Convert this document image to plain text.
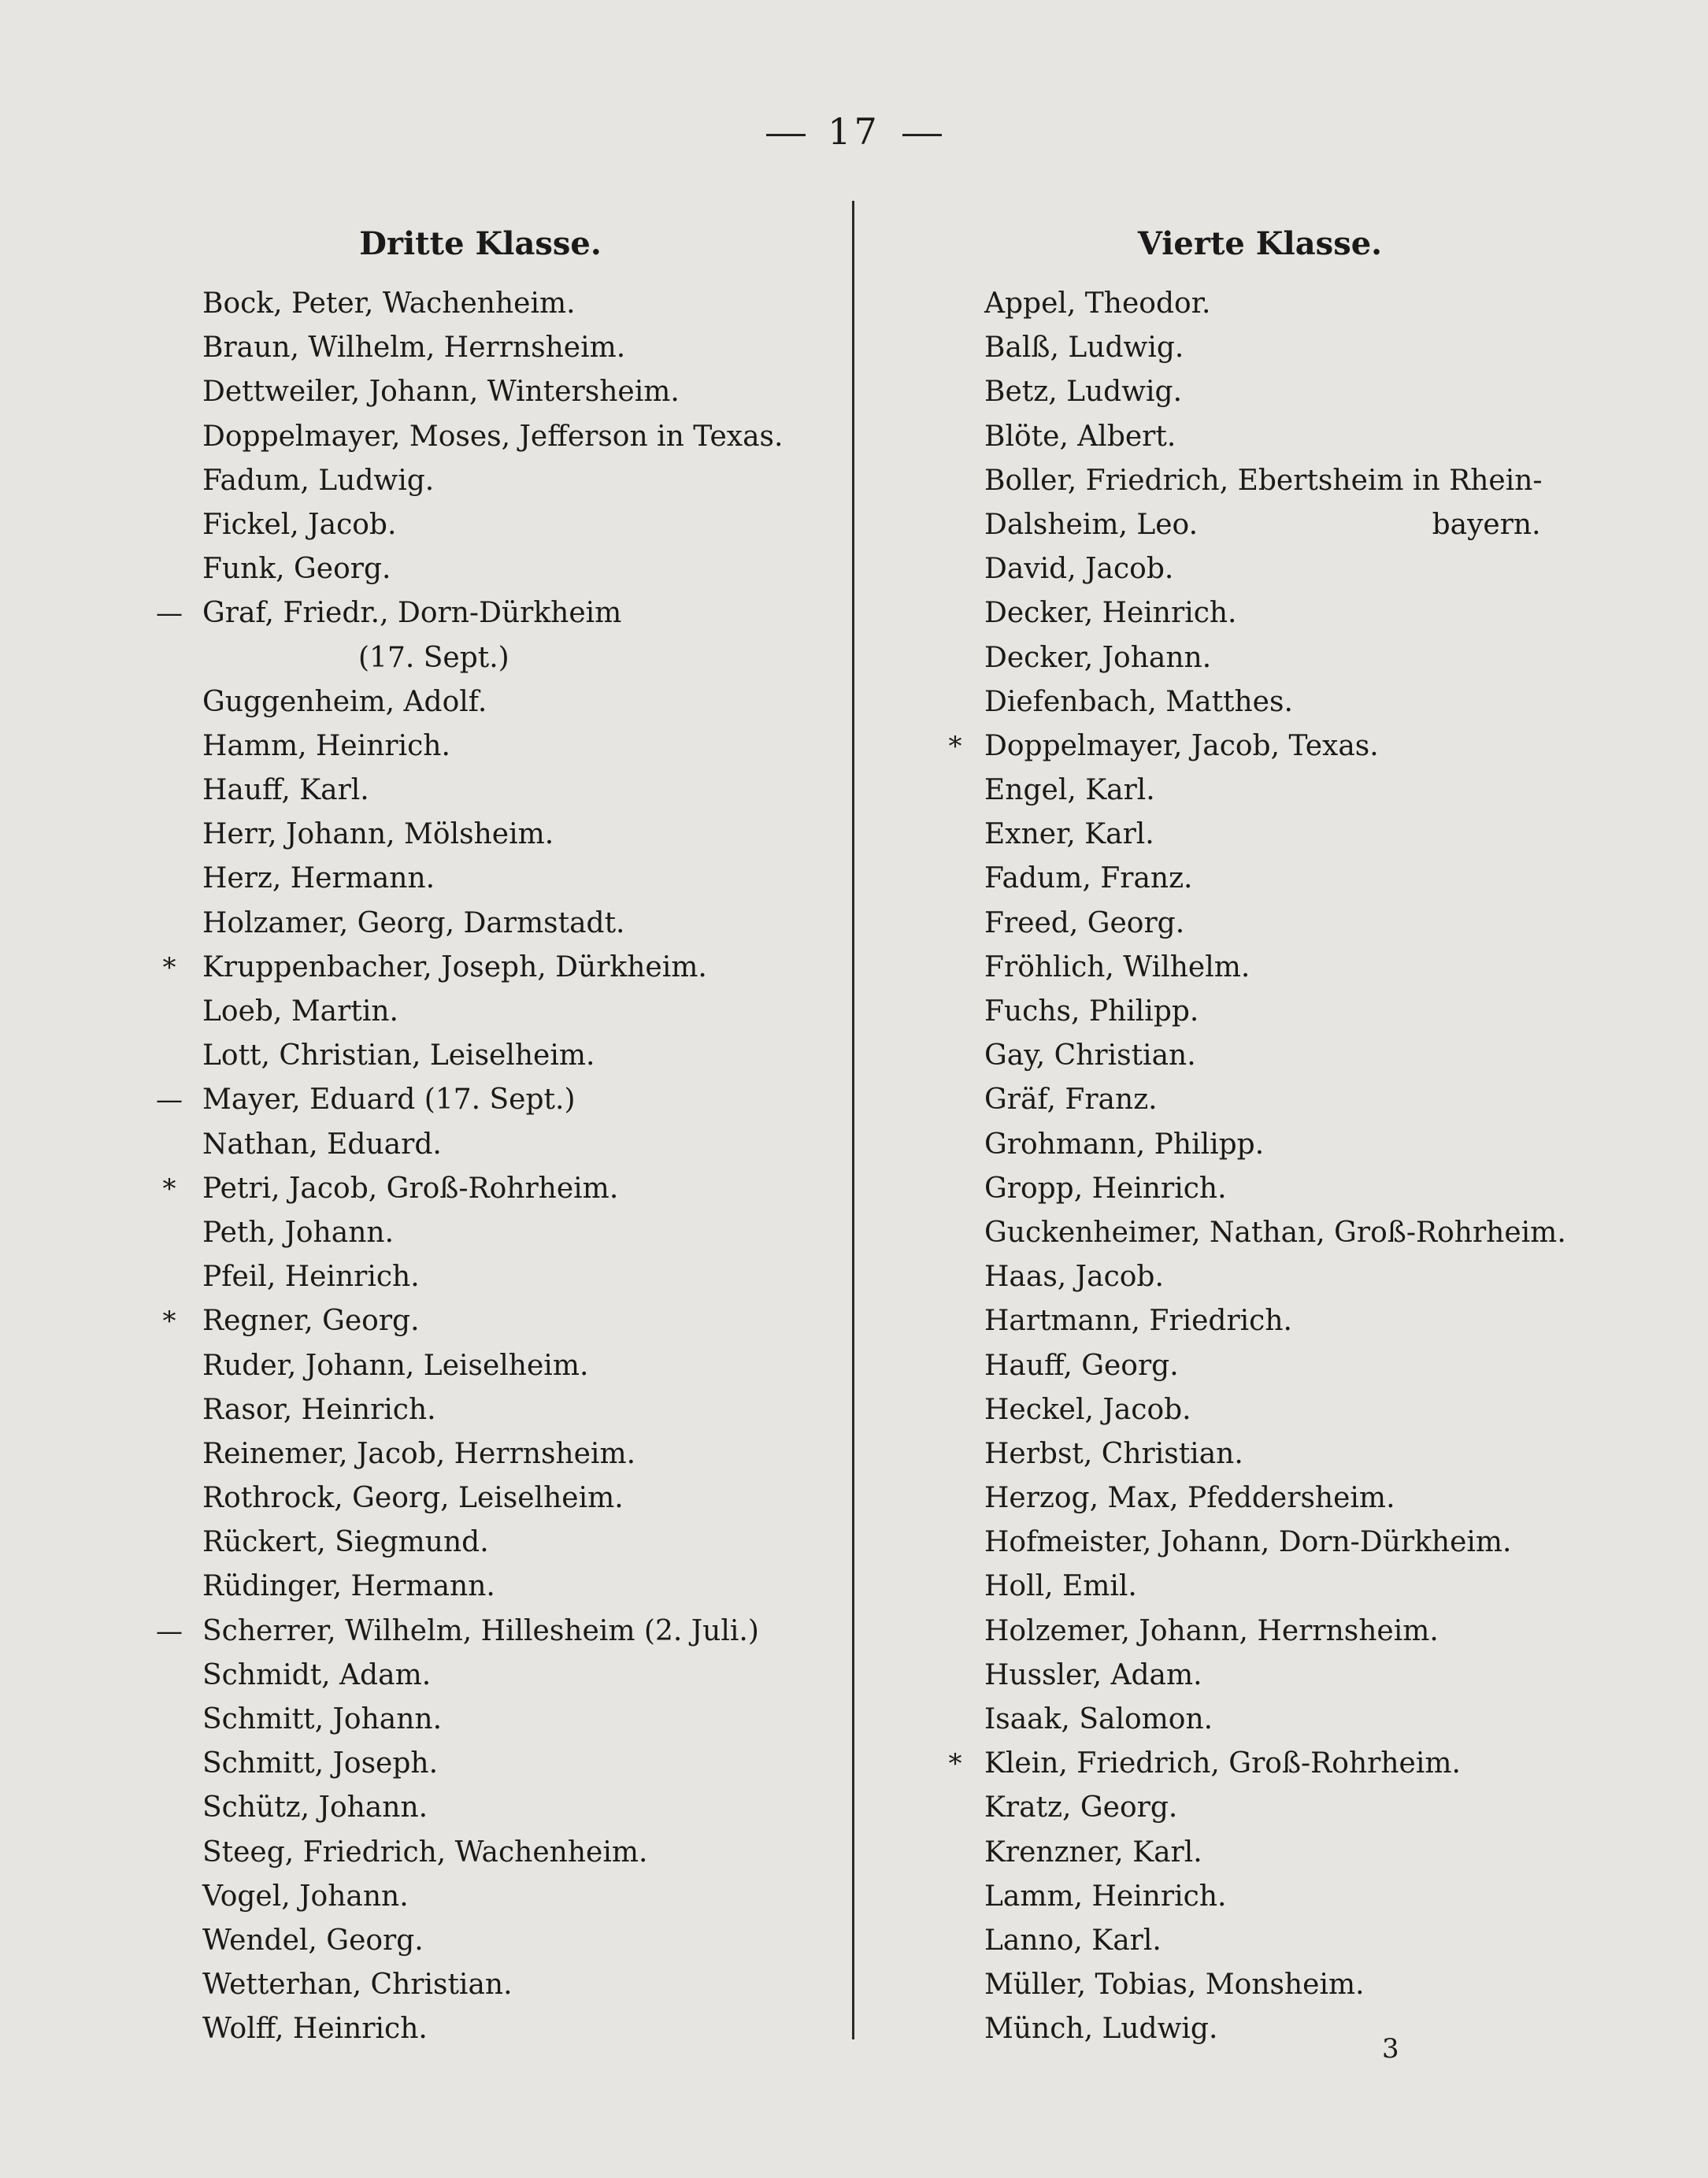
17
Dritte Klasse.
Bock, Peter, Wachenheim.
Braun, Wilhelm, Herrnsheim.
Dettweiler, Johann, Wintersheim.
Doppelmayer, Moses, Jefferson in Texas.
Fadum, Ludwig.
Fickel, Jacob.
Funk, Georg.
— Graf, Friedr., Dorn-Dürkheim
(17. Sept.)
Guggenheim, Adolf.
Hamm, Heinrich.
Hauff, Karl.
Herr, Johann, Mölsheim.
Herz, Hermann.
Holzamer, Georg, Darmstadt.
* Kruppenbacher, Joseph, Dürkheim.
Loeb, Martin.
Lott, Christian, Leiselheim.
— Mayer, Eduard (17. Sept.)
Nathan, Eduard.
* Petri, Jacob, Groß-Rohrheim.
Peth, Johann.
Pfeil, Heinrich.
* Regner, Georg.
Ruder, Johann, Leiselheim.
Rasor, Heinrich.
Reinemer, Jacob, Herrnsheim.
Rothrock, Georg, Leiselheim.
Rückert, Siegmund.
Rüdinger, Hermann.
— Scherrer, Wilhelm, Hillesheim (2. Juli.)
Schmidt, Adam.
Schmitt, Johann.
Schmitt, Joseph.
Schütz, Johann.
Steeg, Friedrich, Wachenheim.
Vogel, Johann.
Wendel, Georg.
Wetterhan, Christian.
Wolff, Heinrich.
Vierte Klasse.
Appel, Theodor.
Balß, Ludwig.
Betz, Ludwig.
Blöte, Albert.
Boller, Friedrich, Ebertsheim in Rhein-
Dalsheim, Leo.                          bayern.
David, Jacob.
Decker, Heinrich.
Decker, Johann.
Diefenbach, Matthes.
* Doppelmayer, Jacob, Texas.
Engel, Karl.
Exner, Karl.
Fadum, Franz.
Freed, Georg.
Fröhlich, Wilhelm.
Fuchs, Philipp.
Gay, Christian.
Gräf, Franz.
Grohmann, Philipp.
Gropp, Heinrich.
Guckenheimer, Nathan, Groß-Rohrheim.
Haas, Jacob.
Hartmann, Friedrich.
Hauff, Georg.
Heckel, Jacob.
Herbst, Christian.
Herzog, Max, Pfeddersheim.
Hofmeister, Johann, Dorn-Dürkheim.
Holl, Emil.
Holzemer, Johann, Herrnsheim.
Hussler, Adam.
Isaak, Salomon.
* Klein, Friedrich, Groß-Rohrheim.
Kratz, Georg.
Krenzner, Karl.
Lamm, Heinrich.
Lanno, Karl.
Müller, Tobias, Monsheim.
Münch, Ludwig.
3
